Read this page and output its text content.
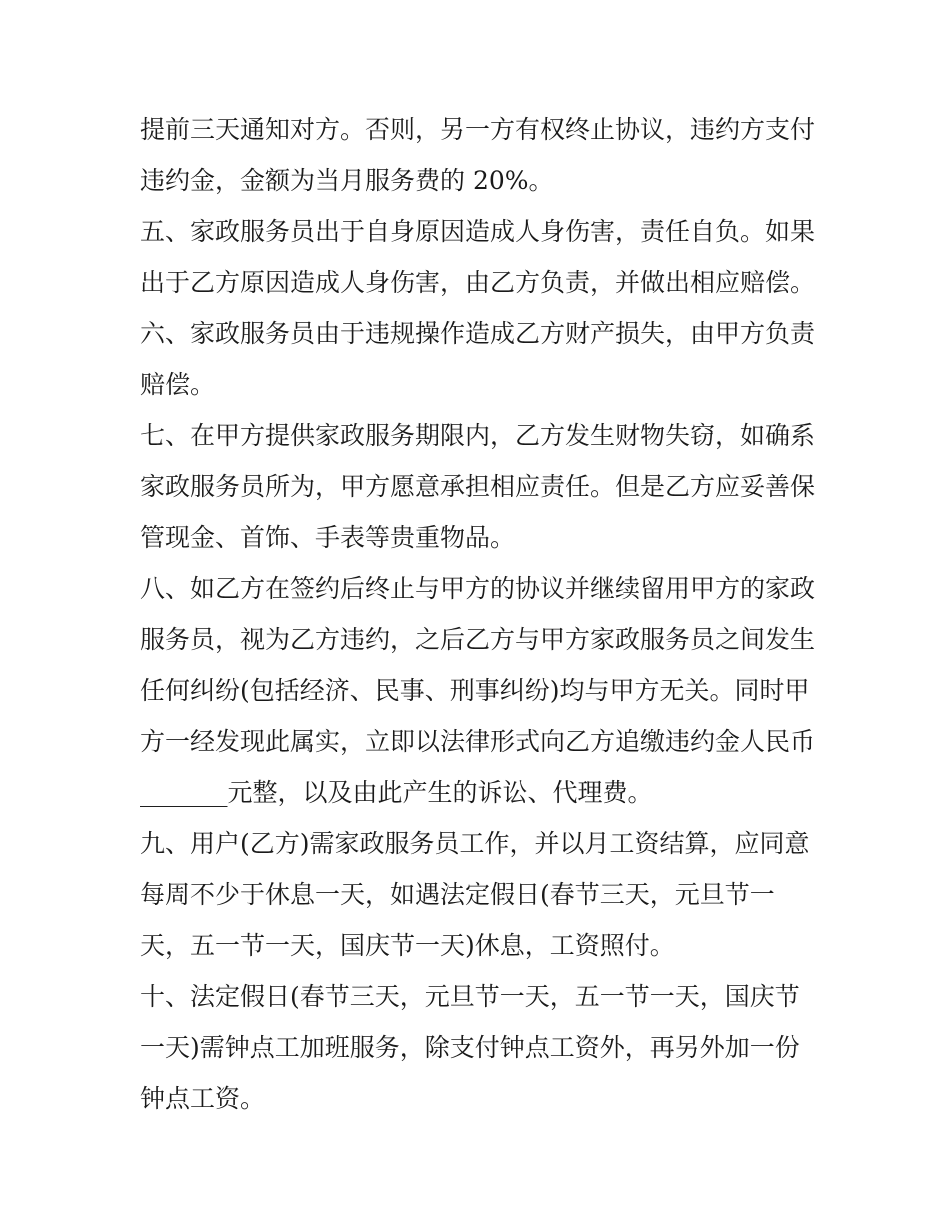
提前三天通知对方。否则，另一方有权终止协议，违约方支付
违约金，金额为当月服务费的 20%。
五、家政服务员出于自身原因造成人身伤害，责任自负。如果
出于乙方原因造成人身伤害，由乙方负责，并做出相应赔偿。
六、家政服务员由于违规操作造成乙方财产损失，由甲方负责
赔偿。
七、在甲方提供家政服务期限内，乙方发生财物失窃，如确系
家政服务员所为，甲方愿意承担相应责任。但是乙方应妥善保
管现金、首饰、手表等贵重物品。
八、如乙方在签约后终止与甲方的协议并继续留用甲方的家政
服务员，视为乙方违约，之后乙方与甲方家政服务员之间发生
任何纠纷(包括经济、民事、刑事纠纷)均与甲方无关。同时甲
方一经发现此属实，立即以法律形式向乙方追缴违约金人民币
_______元整，以及由此产生的诉讼、代理费。
九、用户(乙方)需家政服务员工作，并以月工资结算，应同意
每周不少于休息一天，如遇法定假日(春节三天，元旦节一
天，五一节一天，国庆节一天)休息，工资照付。
十、法定假日(春节三天，元旦节一天，五一节一天，国庆节
一天)需钟点工加班服务，除支付钟点工资外，再另外加一份
钟点工资。
